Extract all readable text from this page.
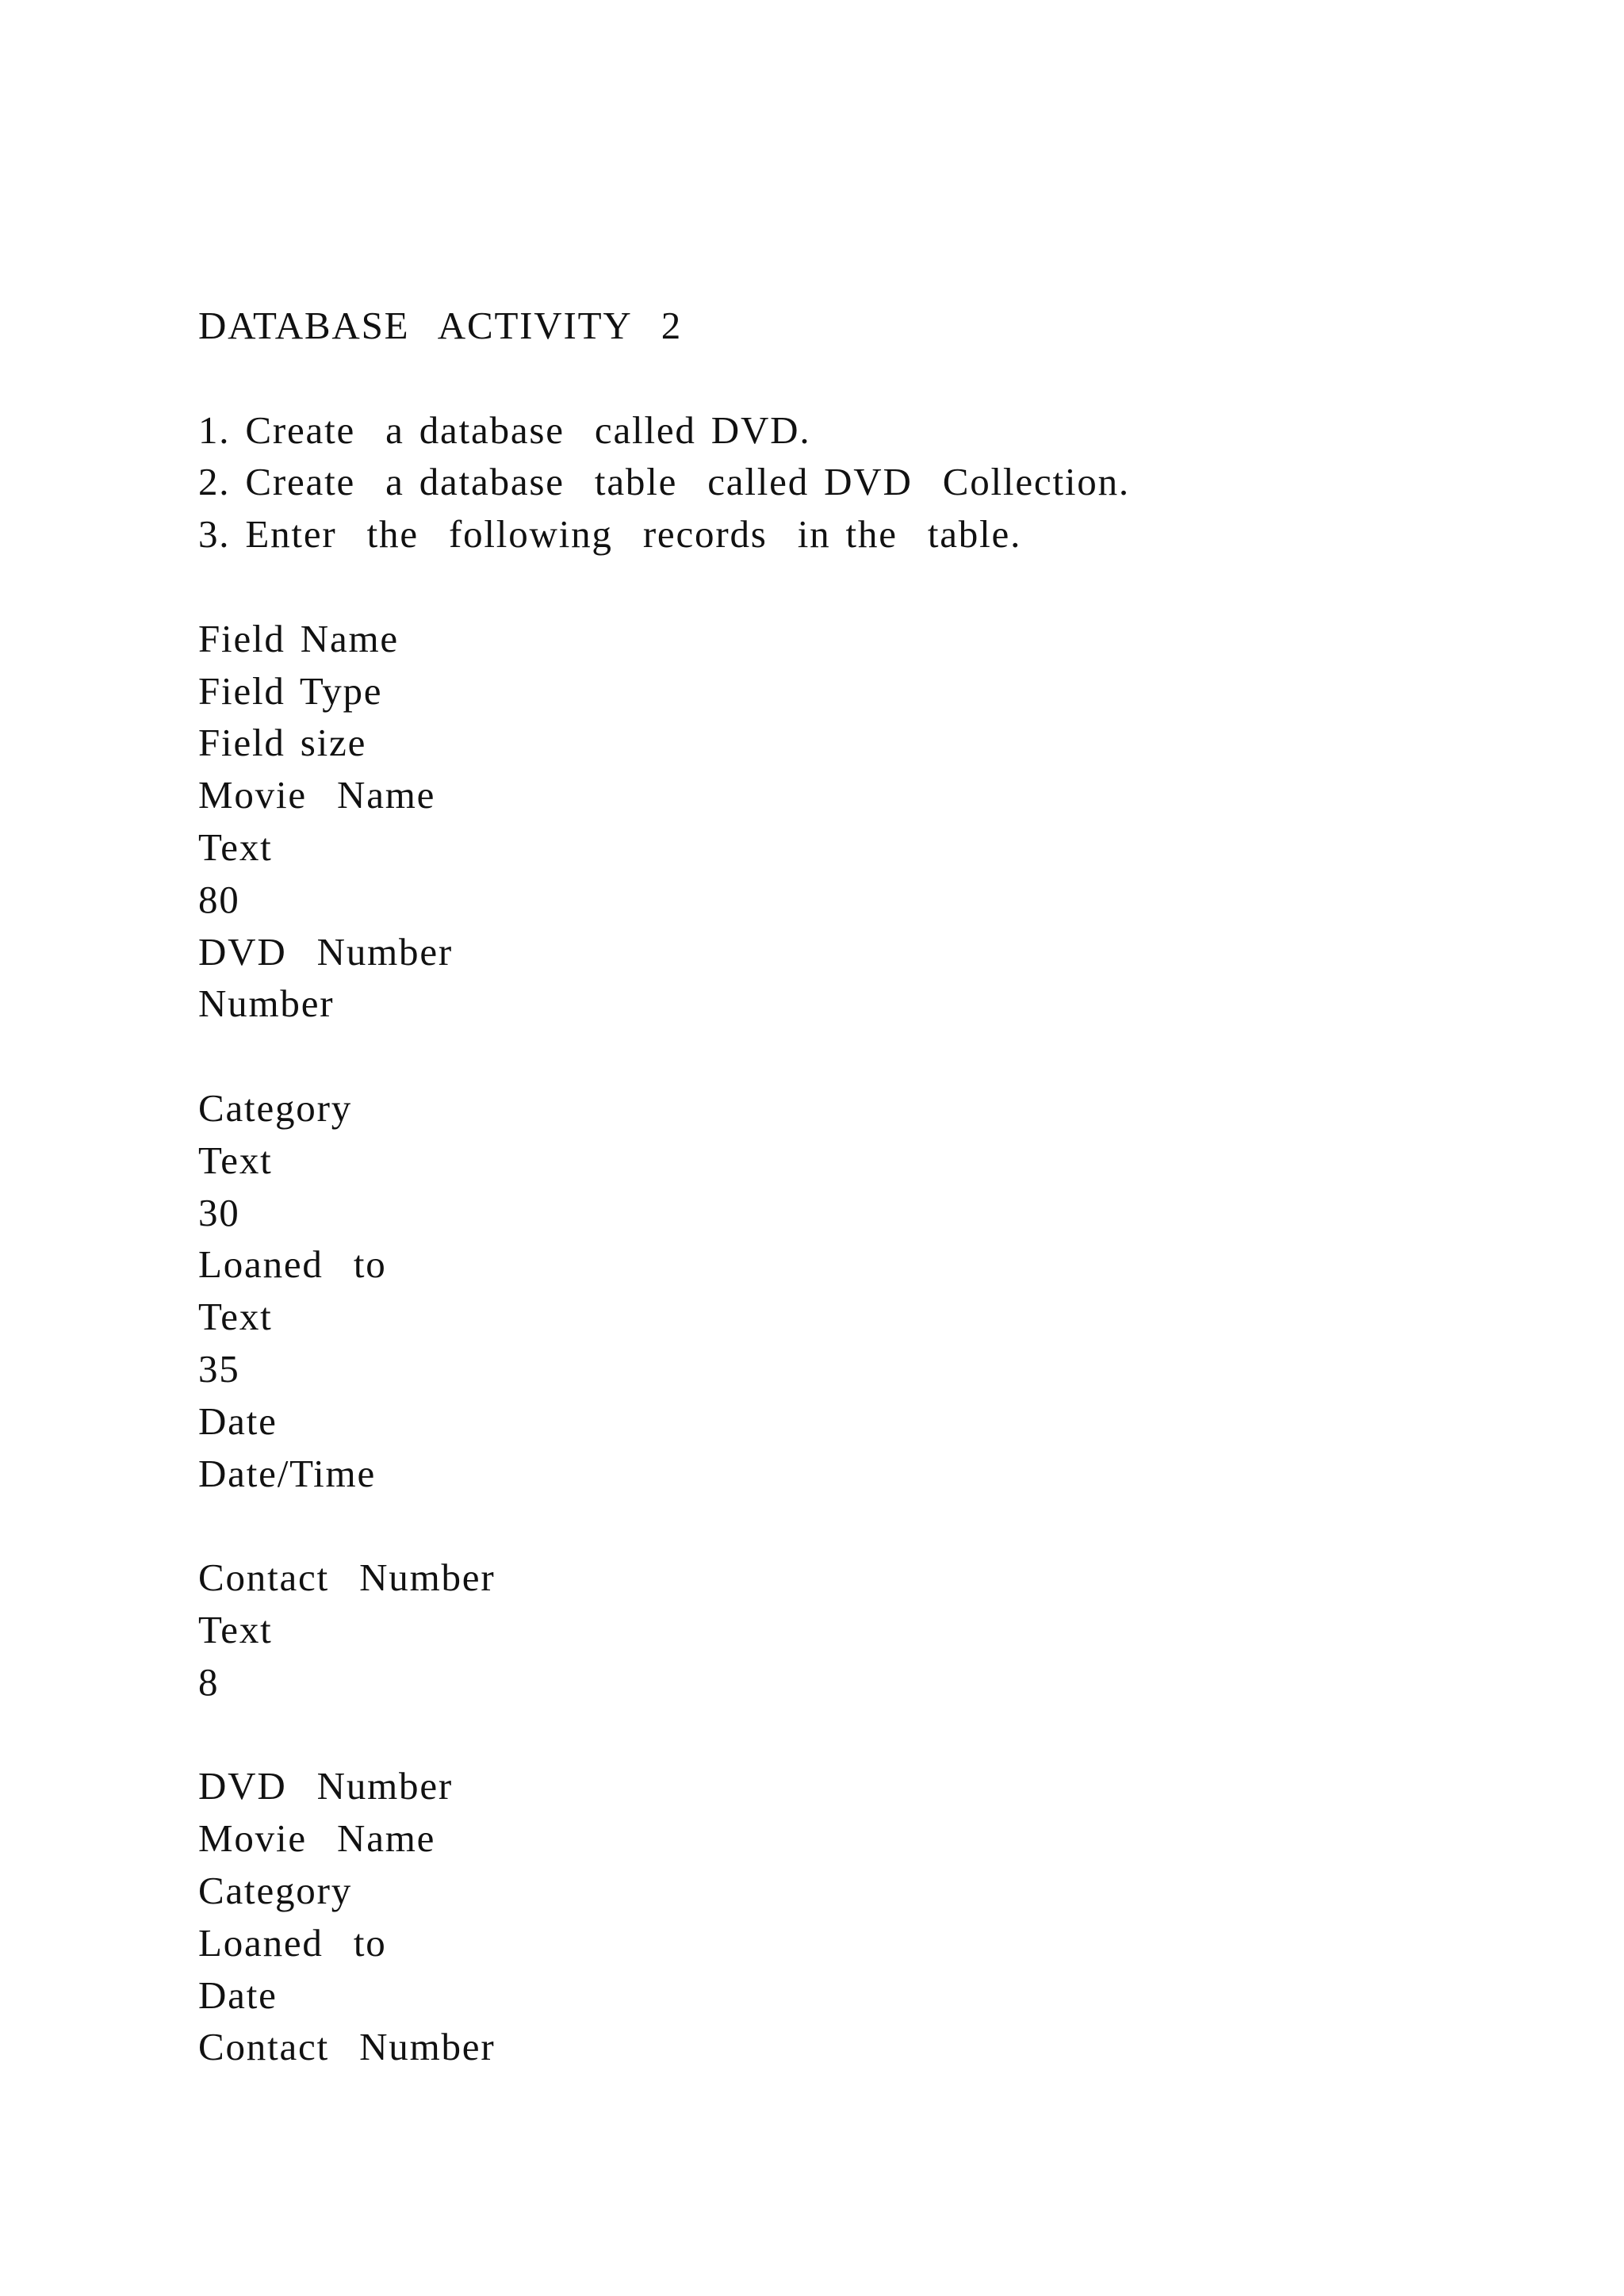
DATABASE  ACTIVITY  2
1. Create  a database  called DVD.
2. Create  a database  table  called DVD  Collection.
3. Enter  the  following  records  in the  table.
Field Name
Field Type
Field size
Movie  Name
Text
80
DVD  Number
Number
Category
Text
30
Loaned  to
Text
35
Date
Date/Time
Contact  Number
Text
8
DVD  Number
Movie  Name
Category
Loaned  to
Date
Contact  Number
